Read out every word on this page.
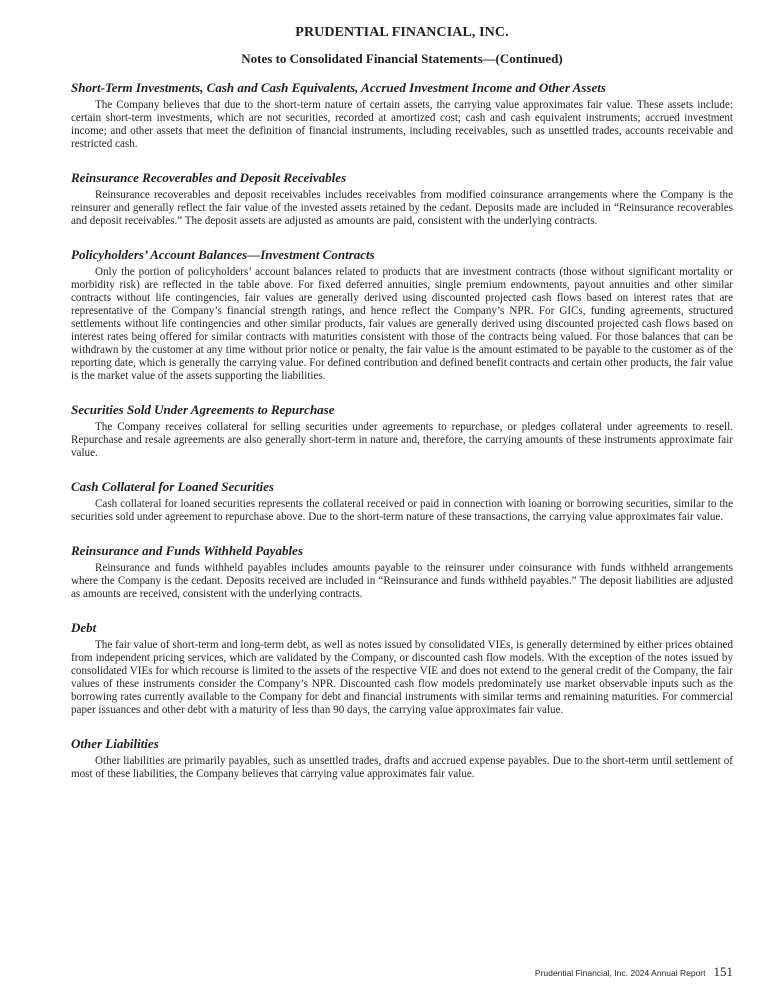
PRUDENTIAL FINANCIAL, INC.
Notes to Consolidated Financial Statements—(Continued)
Short-Term Investments, Cash and Cash Equivalents, Accrued Investment Income and Other Assets

The Company believes that due to the short-term nature of certain assets, the carrying value approximates fair value. These assets include: certain short-term investments, which are not securities, recorded at amortized cost; cash and cash equivalent instruments; accrued investment income; and other assets that meet the definition of financial instruments, including receivables, such as unsettled trades, accounts receivable and restricted cash.

Reinsurance Recoverables and Deposit Receivables

Reinsurance recoverables and deposit receivables includes receivables from modified coinsurance arrangements where the Company is the reinsurer and generally reflect the fair value of the invested assets retained by the cedant. Deposits made are included in “Reinsurance recoverables and deposit receivables.” The deposit assets are adjusted as amounts are paid, consistent with the underlying contracts.

Policyholders’ Account Balances—Investment Contracts

Only the portion of policyholders’ account balances related to products that are investment contracts (those without significant mortality or morbidity risk) are reflected in the table above. For fixed deferred annuities, single premium endowments, payout annuities and other similar contracts without life contingencies, fair values are generally derived using discounted projected cash flows based on interest rates that are representative of the Company’s financial strength ratings, and hence reflect the Company’s NPR. For GICs, funding agreements, structured settlements without life contingencies and other similar products, fair values are generally derived using discounted projected cash flows based on interest rates being offered for similar contracts with maturities consistent with those of the contracts being valued. For those balances that can be withdrawn by the customer at any time without prior notice or penalty, the fair value is the amount estimated to be payable to the customer as of the reporting date, which is generally the carrying value. For defined contribution and defined benefit contracts and certain other products, the fair value is the market value of the assets supporting the liabilities.

Securities Sold Under Agreements to Repurchase

The Company receives collateral for selling securities under agreements to repurchase, or pledges collateral under agreements to resell. Repurchase and resale agreements are also generally short-term in nature and, therefore, the carrying amounts of these instruments approximate fair value.

Cash Collateral for Loaned Securities

Cash collateral for loaned securities represents the collateral received or paid in connection with loaning or borrowing securities, similar to the securities sold under agreement to repurchase above. Due to the short-term nature of these transactions, the carrying value approximates fair value.

Reinsurance and Funds Withheld Payables

Reinsurance and funds withheld payables includes amounts payable to the reinsurer under coinsurance with funds withheld arrangements where the Company is the cedant. Deposits received are included in “Reinsurance and funds withheld payables.” The deposit liabilities are adjusted as amounts are received, consistent with the underlying contracts.

Debt

The fair value of short-term and long-term debt, as well as notes issued by consolidated VIEs, is generally determined by either prices obtained from independent pricing services, which are validated by the Company, or discounted cash flow models. With the exception of the notes issued by consolidated VIEs for which recourse is limited to the assets of the respective VIE and does not extend to the general credit of the Company, the fair values of these instruments consider the Company’s NPR. Discounted cash flow models predominately use market observable inputs such as the borrowing rates currently available to the Company for debt and financial instruments with similar terms and remaining maturities. For commercial paper issuances and other debt with a maturity of less than 90 days, the carrying value approximates fair value.

Other Liabilities

Other liabilities are primarily payables, such as unsettled trades, drafts and accrued expense payables. Due to the short-term until settlement of most of these liabilities, the Company believes that carrying value approximates fair value.

Prudential Financial, Inc. 2024 Annual Report 151
